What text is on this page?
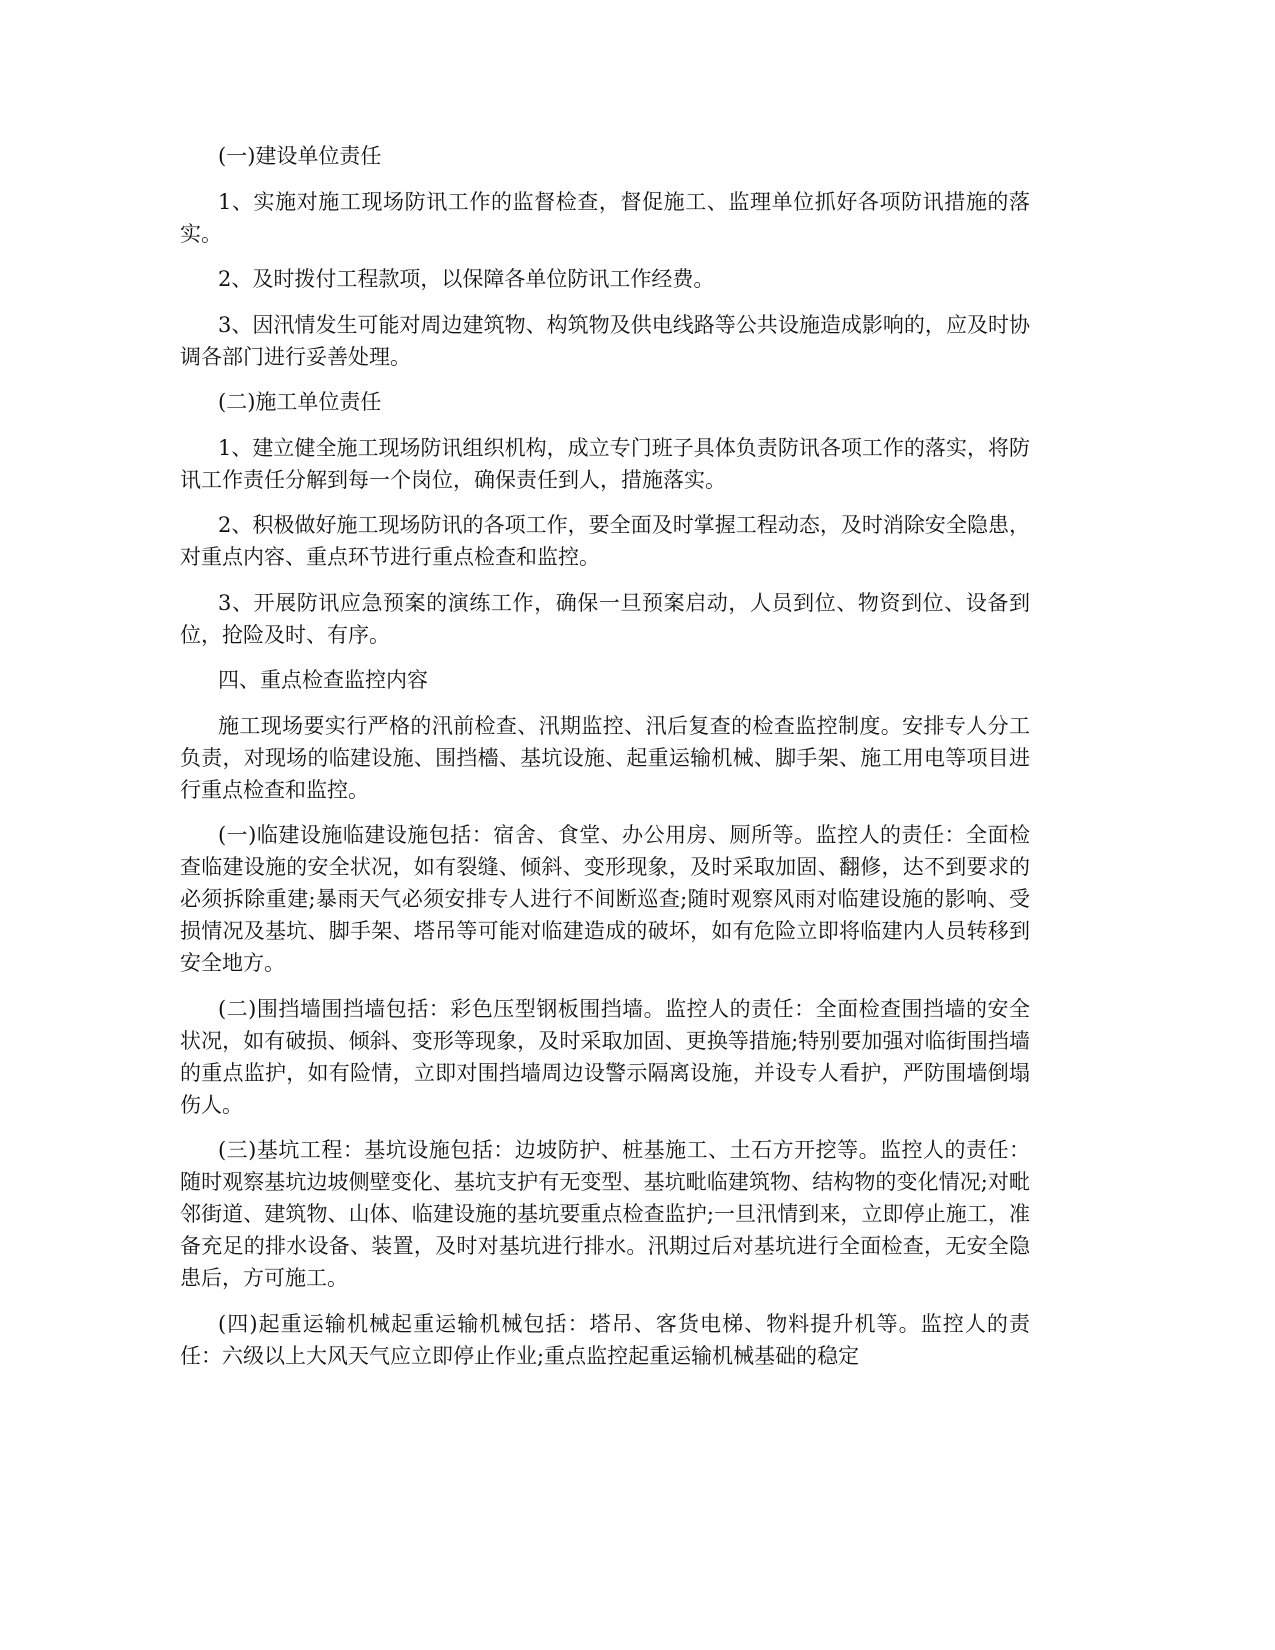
(一)建设单位责任

1、实施对施工现场防讯工作的监督检查，督促施工、监理单位抓好各项防讯措施的落实。

2、及时拨付工程款项，以保障各单位防讯工作经费。

3、因汛情发生可能对周边建筑物、构筑物及供电线路等公共设施造成影响的，应及时协调各部门进行妥善处理。

(二)施工单位责任

1、建立健全施工现场防讯组织机构，成立专门班子具体负责防讯各项工作的落实，将防讯工作责任分解到每一个岗位，确保责任到人，措施落实。

2、积极做好施工现场防讯的各项工作，要全面及时掌握工程动态，及时消除安全隐患，对重点内容、重点环节进行重点检查和监控。

3、开展防讯应急预案的演练工作，确保一旦预案启动，人员到位、物资到位、设备到位，抢险及时、有序。

四、重点检查监控内容

施工现场要实行严格的汛前检查、汛期监控、汛后复查的检查监控制度。安排专人分工负责，对现场的临建设施、围挡檣、基坑设施、起重运输机械、脚手架、施工用电等项目进行重点检查和监控。

(一)临建设施临建设施包括：宿舍、食堂、办公用房、厕所等。监控人的责任：全面检查临建设施的安全状况，如有裂缝、倾斜、变形现象，及时采取加固、翻修，达不到要求的必须拆除重建;暴雨天气必须安排专人进行不间断巡查;随时观察风雨对临建设施的影响、受损情况及基坑、脚手架、塔吊等可能对临建造成的破坏，如有危险立即将临建内人员转移到安全地方。

(二)围挡墙围挡墙包括：彩色压型钢板围挡墙。监控人的责任：全面检查围挡墙的安全状况，如有破损、倾斜、变形等现象，及时采取加固、更换等措施;特别要加强对临街围挡墙的重点监护，如有险情，立即对围挡墙周边设警示隔离设施，并设专人看护，严防围墙倒塌伤人。

(三)基坑工程：基坑设施包括：边坡防护、桩基施工、土石方开挖等。监控人的责任：随时观察基坑边坡侧壁变化、基坑支护有无变型、基坑毗临建筑物、结构物的变化情况;对毗邻街道、建筑物、山体、临建设施的基坑要重点检查监护;一旦汛情到来，立即停止施工，准备充足的排水设备、装置，及时对基坑进行排水。汛期过后对基坑进行全面检查，无安全隐患后，方可施工。

(四)起重运输机械起重运输机械包括：塔吊、客货电梯、物料提升机等。监控人的责任：六级以上大风天气应立即停止作业;重点监控起重运输机械基础的稳定
